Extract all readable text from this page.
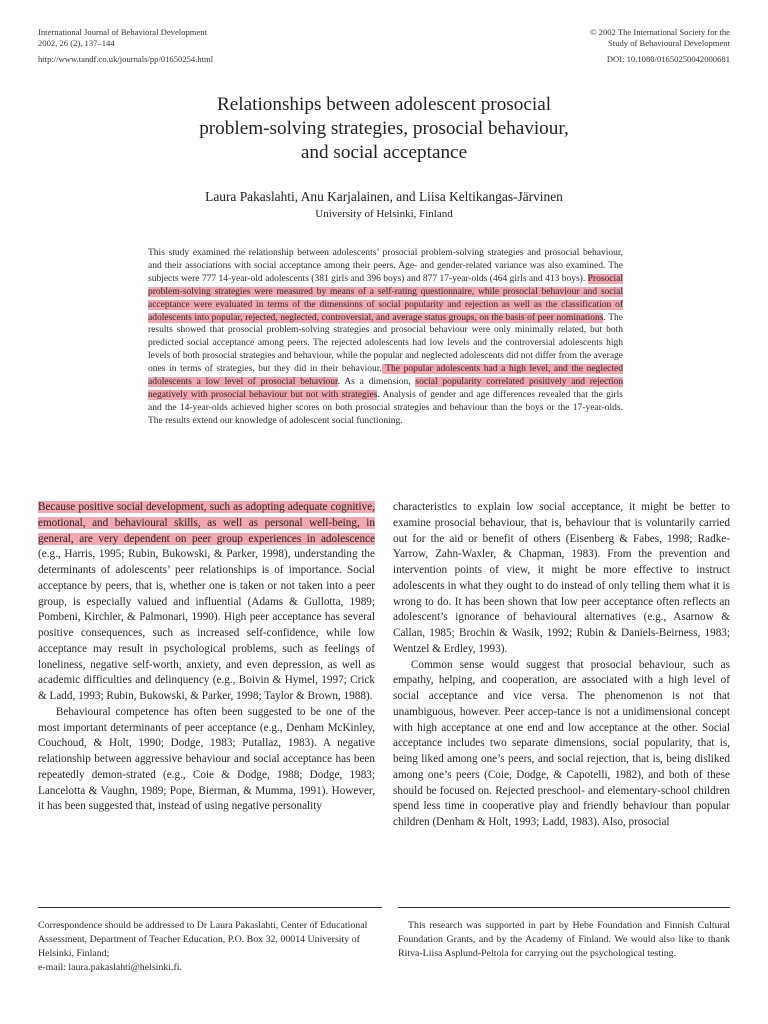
International Journal of Behavioral Development
2002, 26 (2), 137–144
© 2002 The International Society for the
Study of Behavioural Development
http://www.tandf.co.uk/journals/pp/01650254.html	DOI: 10.1080/01650250042000681
Relationships between adolescent prosocial
problem-solving strategies, prosocial behaviour,
and social acceptance
Laura Pakaslahti, Anu Karjalainen, and Liisa Keltikangas-Järvinen
University of Helsinki, Finland
This study examined the relationship between adolescents’ prosocial problem-solving strategies and prosocial behaviour, and their associations with social acceptance among their peers. Age- and gender-related variance was also examined. The subjects were 777 14-year-old adolescents (381 girls and 396 boys) and 877 17-year-olds (464 girls and 413 boys). Prosocial problem-solving strategies were measured by means of a self-rating questionnaire, while prosocial behaviour and social acceptance were evaluated in terms of the dimensions of social popularity and rejection as well as the classification of adolescents into popular, rejected, neglected, controversial, and average status groups, on the basis of peer nominations. The results showed that prosocial problem-solving strategies and prosocial behaviour were only minimally related, but both predicted social acceptance among peers. The rejected adolescents had low levels and the controversial adolescents high levels of both prosocial strategies and behaviour, while the popular and neglected adolescents did not differ from the average ones in terms of strategies, but they did in their behaviour. The popular adolescents had a high level, and the neglected adolescents a low level of prosocial behaviour. As a dimension, social popularity correlated positively and rejection negatively with prosocial behaviour but not with strategies. Analysis of gender and age differences revealed that the girls and the 14-year-olds achieved higher scores on both prosocial strategies and behaviour than the boys or the 17-year-olds. The results extend our knowledge of adolescent social functioning.

Because positive social development, such as adopting adequate cognitive, emotional, and behavioural skills, as well as personal well-being, in general, are very dependent on peer group experiences in adolescence (e.g., Harris, 1995; Rubin, Bukowski, & Parker, 1998), understanding the determinants of adolescents’ peer relationships is of importance. Social acceptance by peers, that is, whether one is taken or not taken into a peer group, is especially valued and influential (Adams & Gullotta, 1989; Pombeni, Kirchler, & Palmonari, 1990). High peer acceptance has several positive consequences, such as increased self-confidence, while low acceptance may result in psychological problems, such as feelings of loneliness, negative self-worth, anxiety, and even depression, as well as academic difficulties and delinquency (e.g., Boivin & Hymel, 1997; Crick & Ladd, 1993; Rubin, Bukowski, & Parker, 1998; Taylor & Brown, 1988).

Behavioural competence has often been suggested to be one of the most important determinants of peer acceptance (e.g., Denham McKinley, Couchoud, & Holt, 1990; Dodge, 1983; Putallaz, 1983). A negative relationship between aggressive behaviour and social acceptance has been repeatedly demon-strated (e.g., Coie & Dodge, 1988; Dodge, 1983; Lancelotta & Vaughn, 1989; Pope, Bierman, & Mumma, 1991). However, it has been suggested that, instead of using negative personality

characteristics to explain low social acceptance, it might be better to examine prosocial behaviour, that is, behaviour that is voluntarily carried out for the aid or benefit of others (Eisenberg & Fabes, 1998; Radke-Yarrow, Zahn-Waxler, & Chapman, 1983). From the prevention and intervention points of view, it might be more effective to instruct adolescents in what they ought to do instead of only telling them what it is wrong to do. It has been shown that low peer acceptance often reflects an adolescent’s ignorance of behavioural alternatives (e.g., Asarnow & Callan, 1985; Brochin & Wasik, 1992; Rubin & Daniels-Beirness, 1983; Wentzel & Erdley, 1993).

Common sense would suggest that prosocial behaviour, such as empathy, helping, and cooperation, are associated with a high level of social acceptance and vice versa. The phenomenon is not that unambiguous, however. Peer accep-tance is not a unidimensional concept with high acceptance at one end and low acceptance at the other. Social acceptance includes two separate dimensions, social popularity, that is, being liked among one’s peers, and social rejection, that is, being disliked among one’s peers (Coie, Dodge, & Capotelli, 1982), and both of these should be focused on. Rejected preschool- and elementary-school children spend less time in cooperative play and friendly behaviour than popular children (Denham & Holt, 1993; Ladd, 1983). Also, prosocial

Correspondence should be addressed to Dr Laura Pakaslahti, Center of Educational Assessment, Department of Teacher Education, P.O. Box 32, 00014 University of Helsinki, Finland;
e-mail: laura.pakaslahti@helsinki.fi.
This research was supported in part by Hebe Foundation and Finnish Cultural Foundation Grants, and by the Academy of Finland. We would also like to thank Ritva-Liisa Asplund-Peltola for carrying out the psychological testing.
